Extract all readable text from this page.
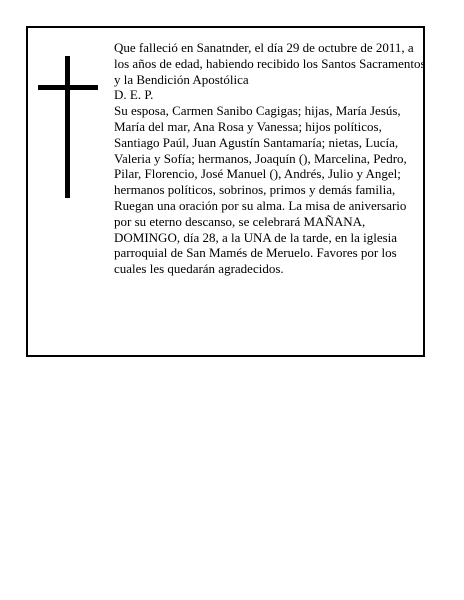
Que falleció en Sanatnder, el día 29 de octubre de 2011, a los años de edad, habiendo recibido los Santos Sacramentos y la Bendición Apostólica

D. E. P.

Su esposa, Carmen Sanibo Cagigas; hijas, María Jesús, María del mar, Ana Rosa y Vanessa; hijos políticos, Santiago Paúl, Juan Agustín Santamaría; nietas, Lucía, Valeria y Sofía; hermanos, Joaquín (), Marcelina, Pedro, Pilar, Florencio, José Manuel (), Andrés, Julio y Angel; hermanos políticos, sobrinos, primos y demás familia,

Ruegan una oración por su alma. La misa de aniversario por su eterno descanso, se celebrará MAÑANA, DOMINGO, día 28, a la UNA de la tarde, en la iglesia parroquial de San Mamés de Meruelo. Favores por los cuales les quedarán agradecidos.
